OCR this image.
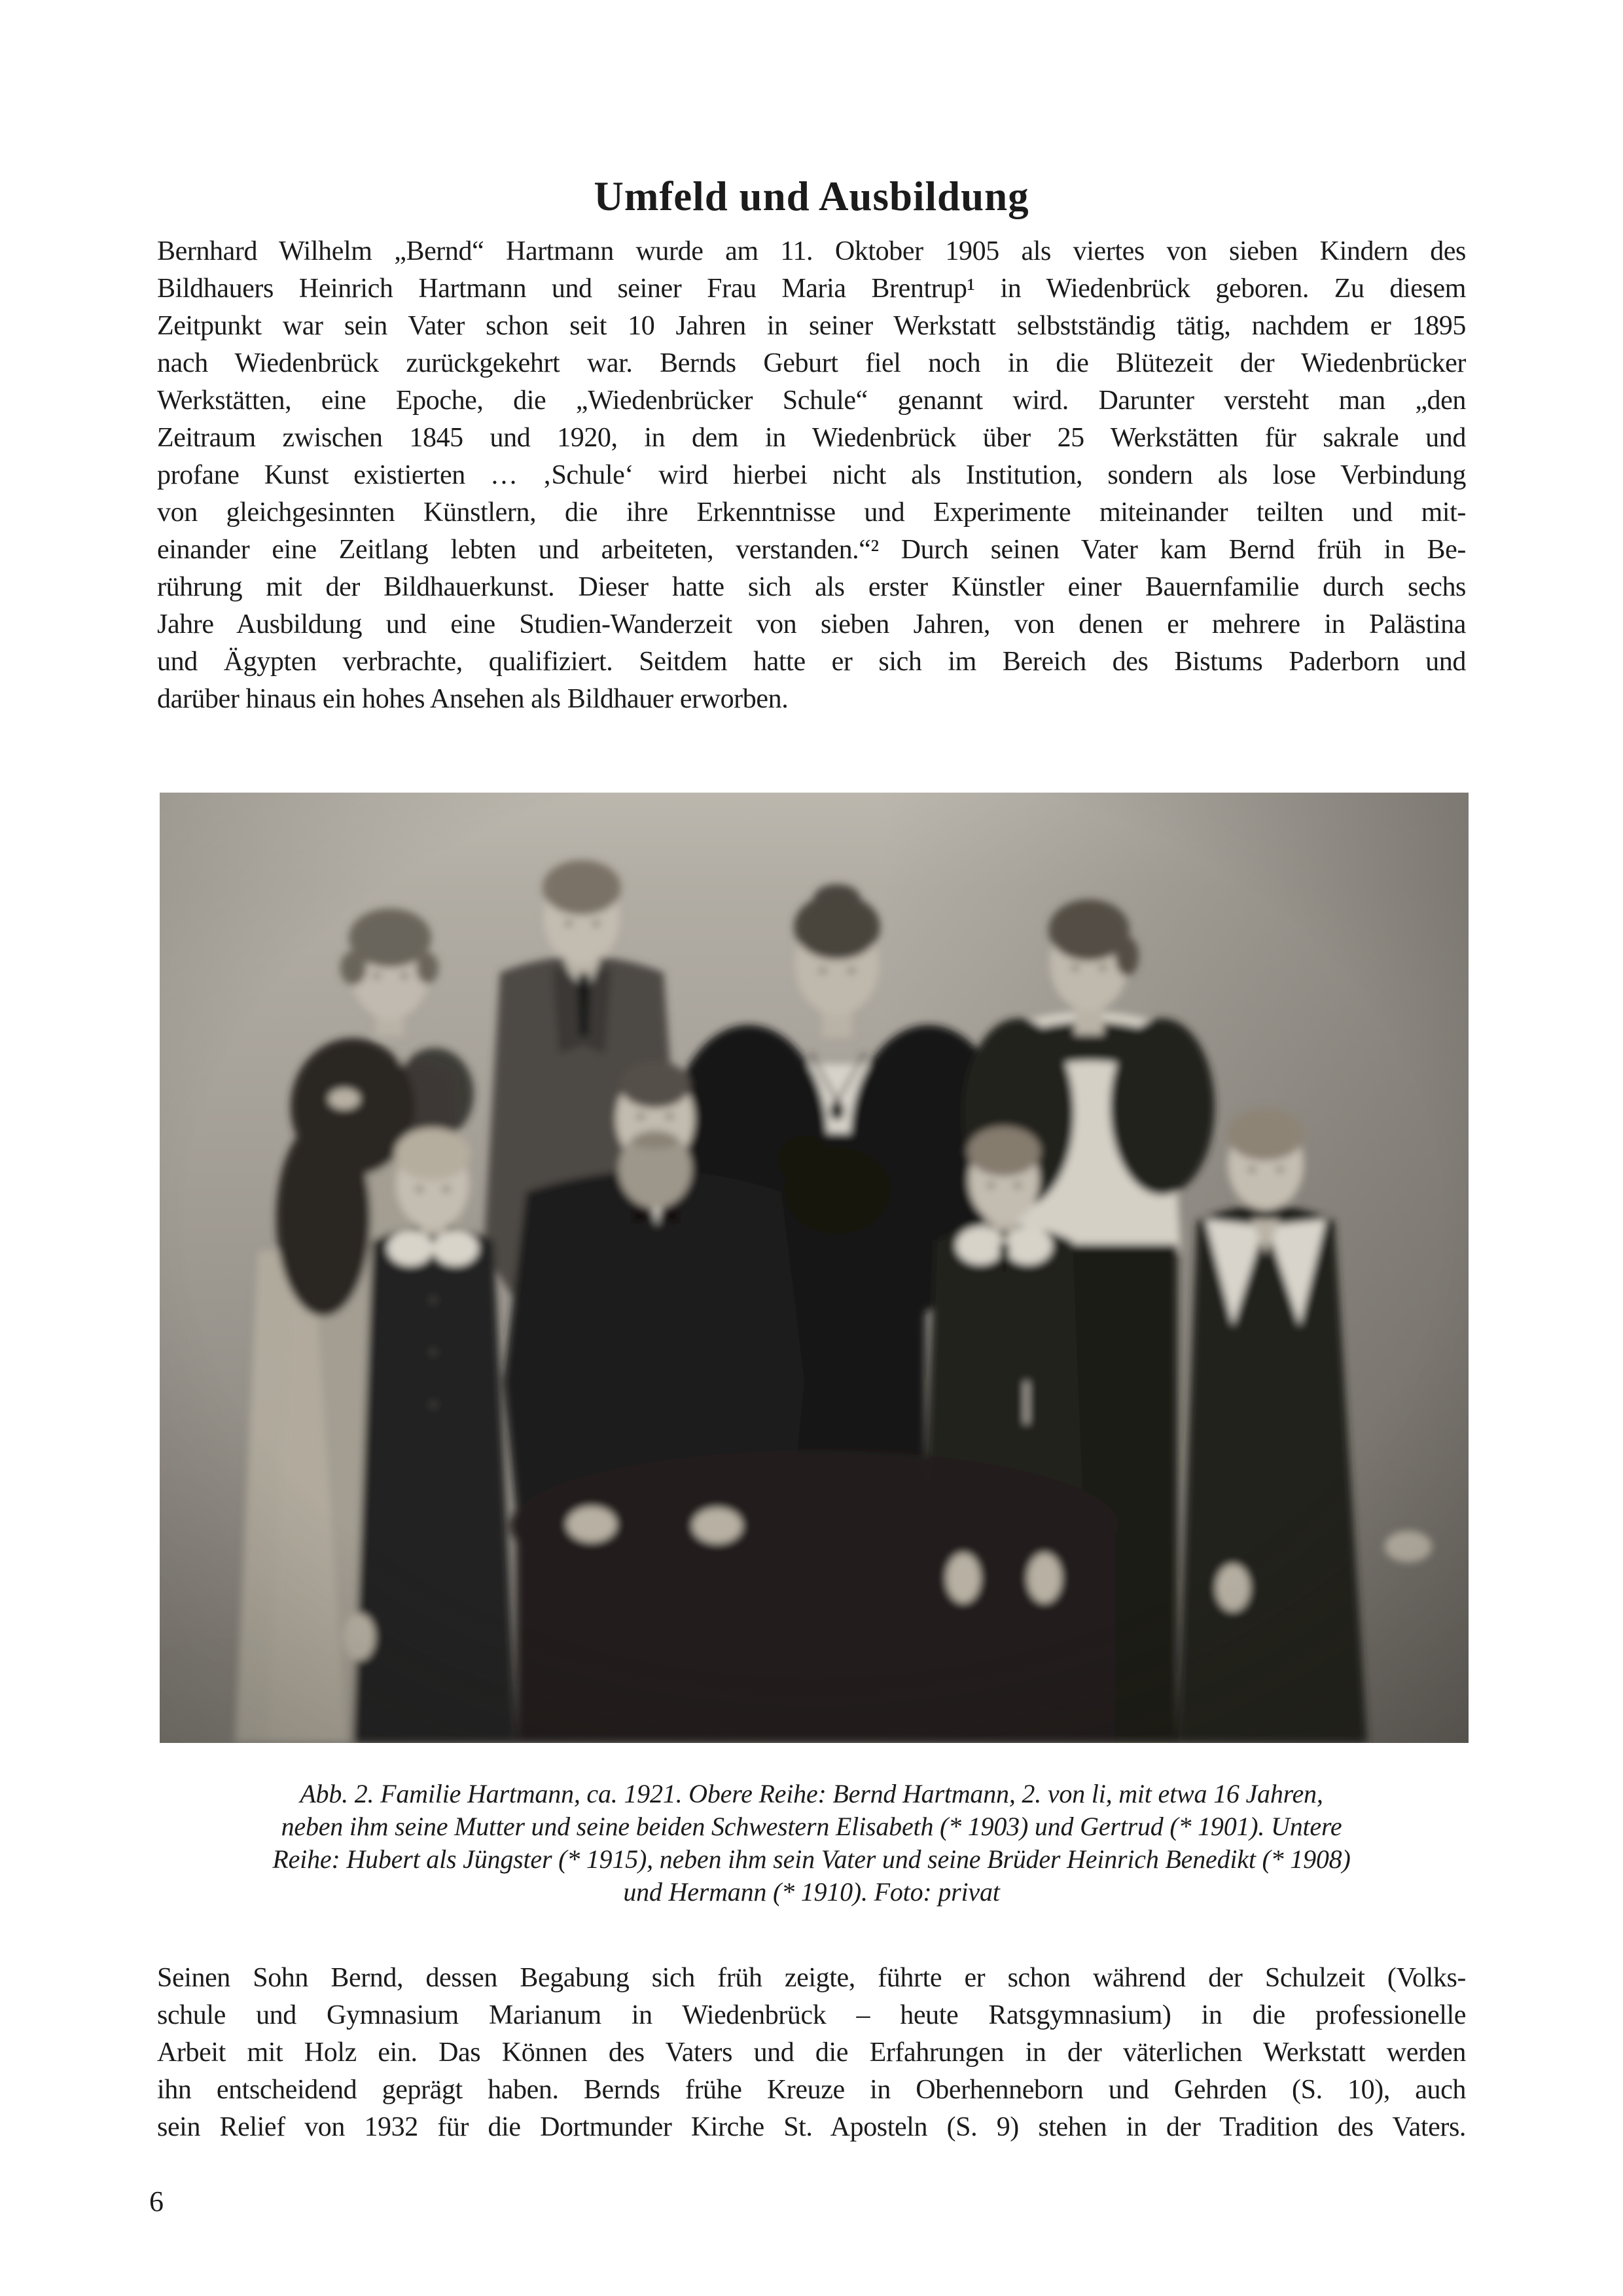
Umfeld und Ausbildung
Bernhard Wilhelm „Bernd“ Hartmann wurde am 11. Oktober 1905 als viertes von sieben Kindern des
Bildhauers Heinrich Hartmann und seiner Frau Maria Brentrup¹ in Wiedenbrück geboren. Zu diesem
Zeitpunkt war sein Vater schon seit 10 Jahren in seiner Werkstatt selbstständig tätig, nachdem er 1895
nach Wiedenbrück zurückgekehrt war. Bernds Geburt fiel noch in die Blütezeit der Wiedenbrücker
Werkstätten, eine Epoche, die „Wiedenbrücker Schule“ genannt wird. Darunter versteht man „den
Zeitraum zwischen 1845 und 1920, in dem in Wiedenbrück über 25 Werkstätten für sakrale und
profane Kunst existierten … ‚Schule‘ wird hierbei nicht als Institution, sondern als lose Verbindung
von gleichgesinnten Künstlern, die ihre Erkenntnisse und Experimente miteinander teilten und mit-
einander eine Zeitlang lebten und arbeiteten, verstanden.“² Durch seinen Vater kam Bernd früh in Be-
rührung mit der Bildhauerkunst. Dieser hatte sich als erster Künstler einer Bauernfamilie durch sechs
Jahre Ausbildung und eine Studien-Wanderzeit von sieben Jahren, von denen er mehrere in Palästina
und Ägypten verbrachte, qualifiziert. Seitdem hatte er sich im Bereich des Bistums Paderborn und
darüber hinaus ein hohes Ansehen als Bildhauer erworben.
Abb. 2. Familie Hartmann, ca. 1921. Obere Reihe: Bernd Hartmann, 2. von li, mit etwa 16 Jahren,
neben ihm seine Mutter und seine beiden Schwestern Elisabeth (* 1903) und Gertrud (* 1901). Untere
Reihe: Hubert als Jüngster (* 1915), neben ihm sein Vater und seine Brüder Heinrich Benedikt (* 1908)
und Hermann (* 1910). Foto: privat
Seinen Sohn Bernd, dessen Begabung sich früh zeigte, führte er schon während der Schulzeit (Volks-
schule und Gymnasium Marianum in Wiedenbrück – heute Ratsgymnasium) in die professionelle
Arbeit mit Holz ein. Das Können des Vaters und die Erfahrungen in der väterlichen Werkstatt werden
ihn entscheidend geprägt haben. Bernds frühe Kreuze in Oberhenneborn und Gehrden (S. 10), auch
sein Relief von 1932 für die Dortmunder Kirche St. Aposteln (S. 9) stehen in der Tradition des Vaters.
6
